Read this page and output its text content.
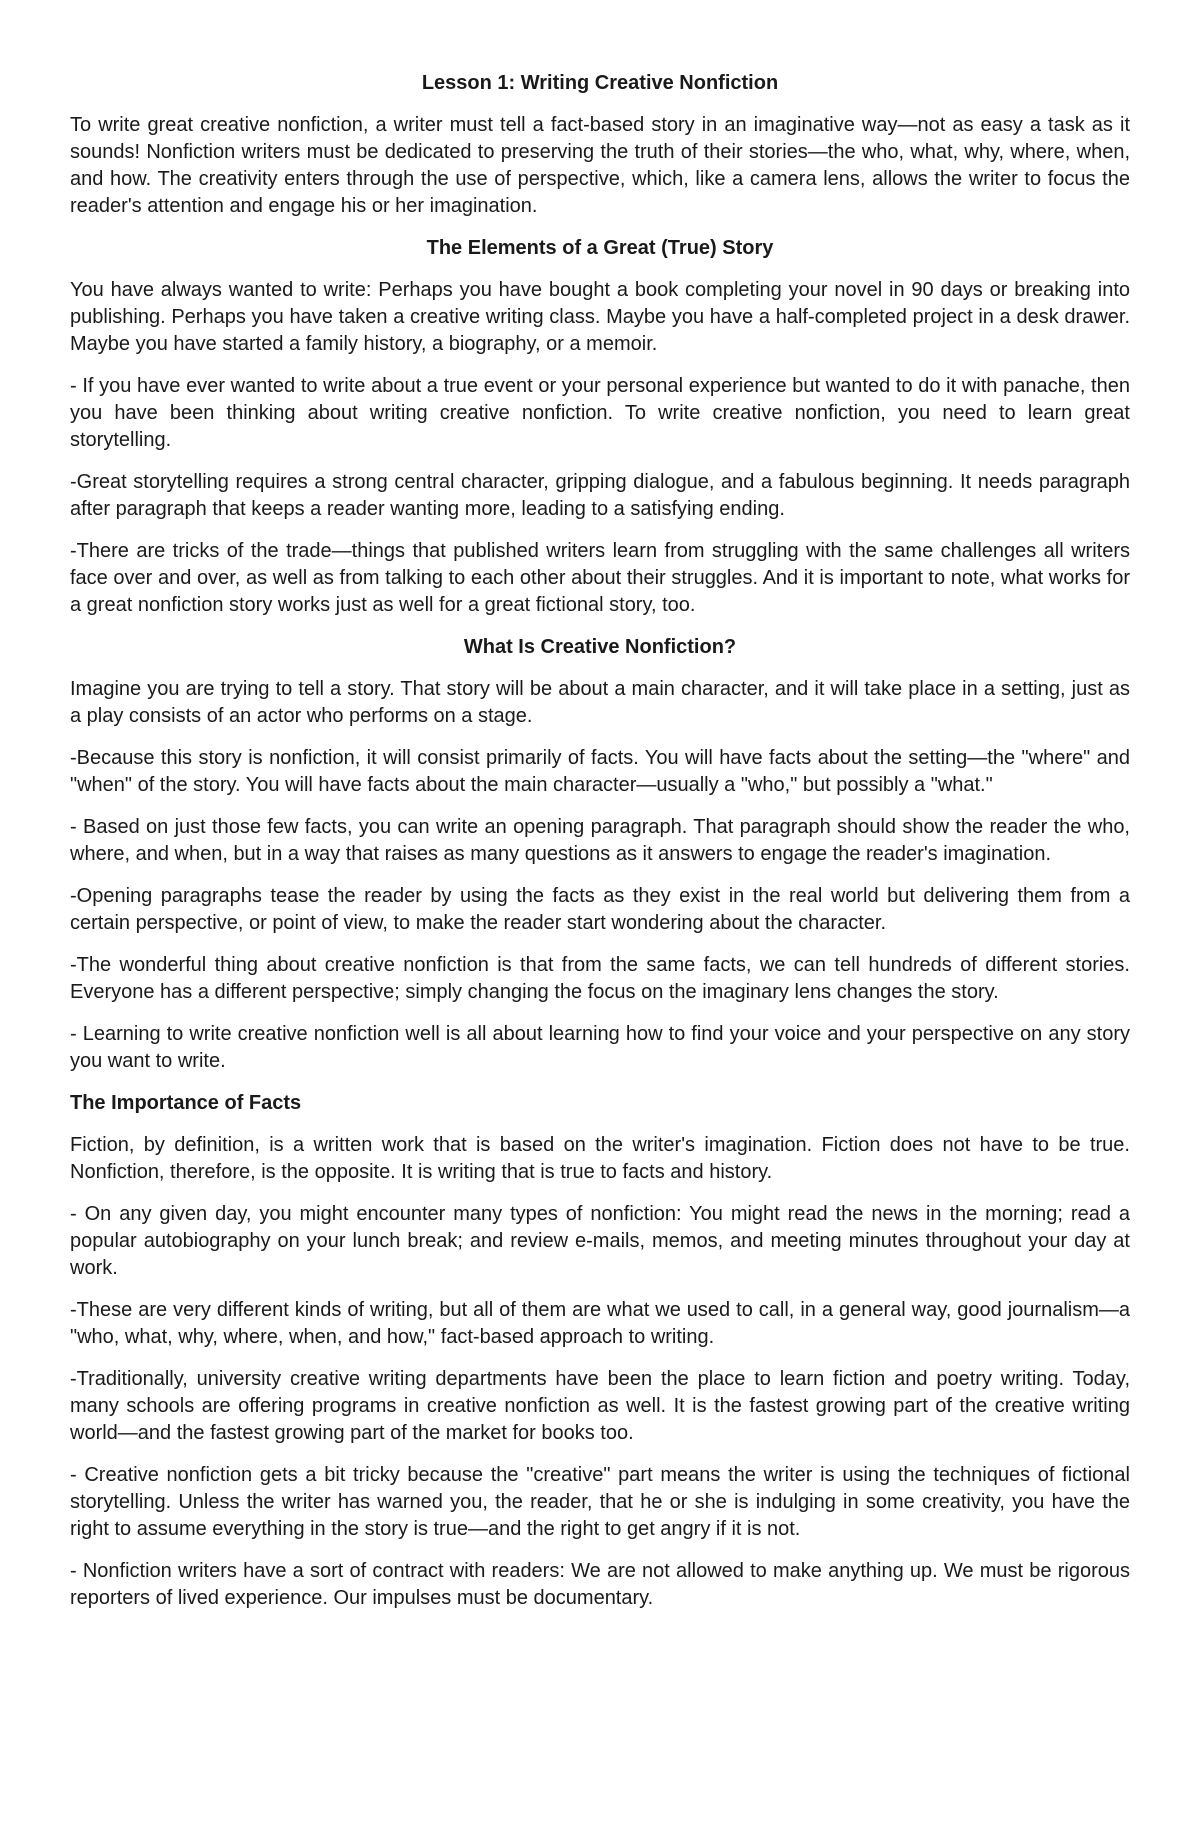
Lesson 1: Writing Creative Nonfiction

To write great creative nonfiction, a writer must tell a fact-based story in an imaginative way—not as easy a task as it sounds! Nonfiction writers must be dedicated to preserving the truth of their stories—the who, what, why, where, when, and how. The creativity enters through the use of perspective, which, like a camera lens, allows the writer to focus the reader's attention and engage his or her imagination.

The Elements of a Great (True) Story

You have always wanted to write: Perhaps you have bought a book completing your novel in 90 days or breaking into publishing. Perhaps you have taken a creative writing class. Maybe you have a half-completed project in a desk drawer. Maybe you have started a family history, a biography, or a memoir.

- If you have ever wanted to write about a true event or your personal experience but wanted to do it with panache, then you have been thinking about writing creative nonfiction. To write creative nonfiction, you need to learn great storytelling.

-Great storytelling requires a strong central character, gripping dialogue, and a fabulous beginning. It needs paragraph after paragraph that keeps a reader wanting more, leading to a satisfying ending.

-There are tricks of the trade—things that published writers learn from struggling with the same challenges all writers face over and over, as well as from talking to each other about their struggles. And it is important to note, what works for a great nonfiction story works just as well for a great fictional story, too.

What Is Creative Nonfiction?

Imagine you are trying to tell a story. That story will be about a main character, and it will take place in a setting, just as a play consists of an actor who performs on a stage.

-Because this story is nonfiction, it will consist primarily of facts. You will have facts about the setting—the "where" and "when" of the story. You will have facts about the main character—usually a "who," but possibly a "what."

- Based on just those few facts, you can write an opening paragraph. That paragraph should show the reader the who, where, and when, but in a way that raises as many questions as it answers to engage the reader's imagination.

-Opening paragraphs tease the reader by using the facts as they exist in the real world but delivering them from a certain perspective, or point of view, to make the reader start wondering about the character.

-The wonderful thing about creative nonfiction is that from the same facts, we can tell hundreds of different stories. Everyone has a different perspective; simply changing the focus on the imaginary lens changes the story.

- Learning to write creative nonfiction well is all about learning how to find your voice and your perspective on any story you want to write.

The Importance of Facts

Fiction, by definition, is a written work that is based on the writer's imagination. Fiction does not have to be true. Nonfiction, therefore, is the opposite. It is writing that is true to facts and history.

- On any given day, you might encounter many types of nonfiction: You might read the news in the morning; read a popular autobiography on your lunch break; and review e-mails, memos, and meeting minutes throughout your day at work.

-These are very different kinds of writing, but all of them are what we used to call, in a general way, good journalism—a "who, what, why, where, when, and how," fact-based approach to writing.

-Traditionally, university creative writing departments have been the place to learn fiction and poetry writing. Today, many schools are offering programs in creative nonfiction as well. It is the fastest growing part of the creative writing world—and the fastest growing part of the market for books too.

- Creative nonfiction gets a bit tricky because the "creative" part means the writer is using the techniques of fictional storytelling. Unless the writer has warned you, the reader, that he or she is indulging in some creativity, you have the right to assume everything in the story is true—and the right to get angry if it is not.

- Nonfiction writers have a sort of contract with readers: We are not allowed to make anything up. We must be rigorous reporters of lived experience. Our impulses must be documentary.
